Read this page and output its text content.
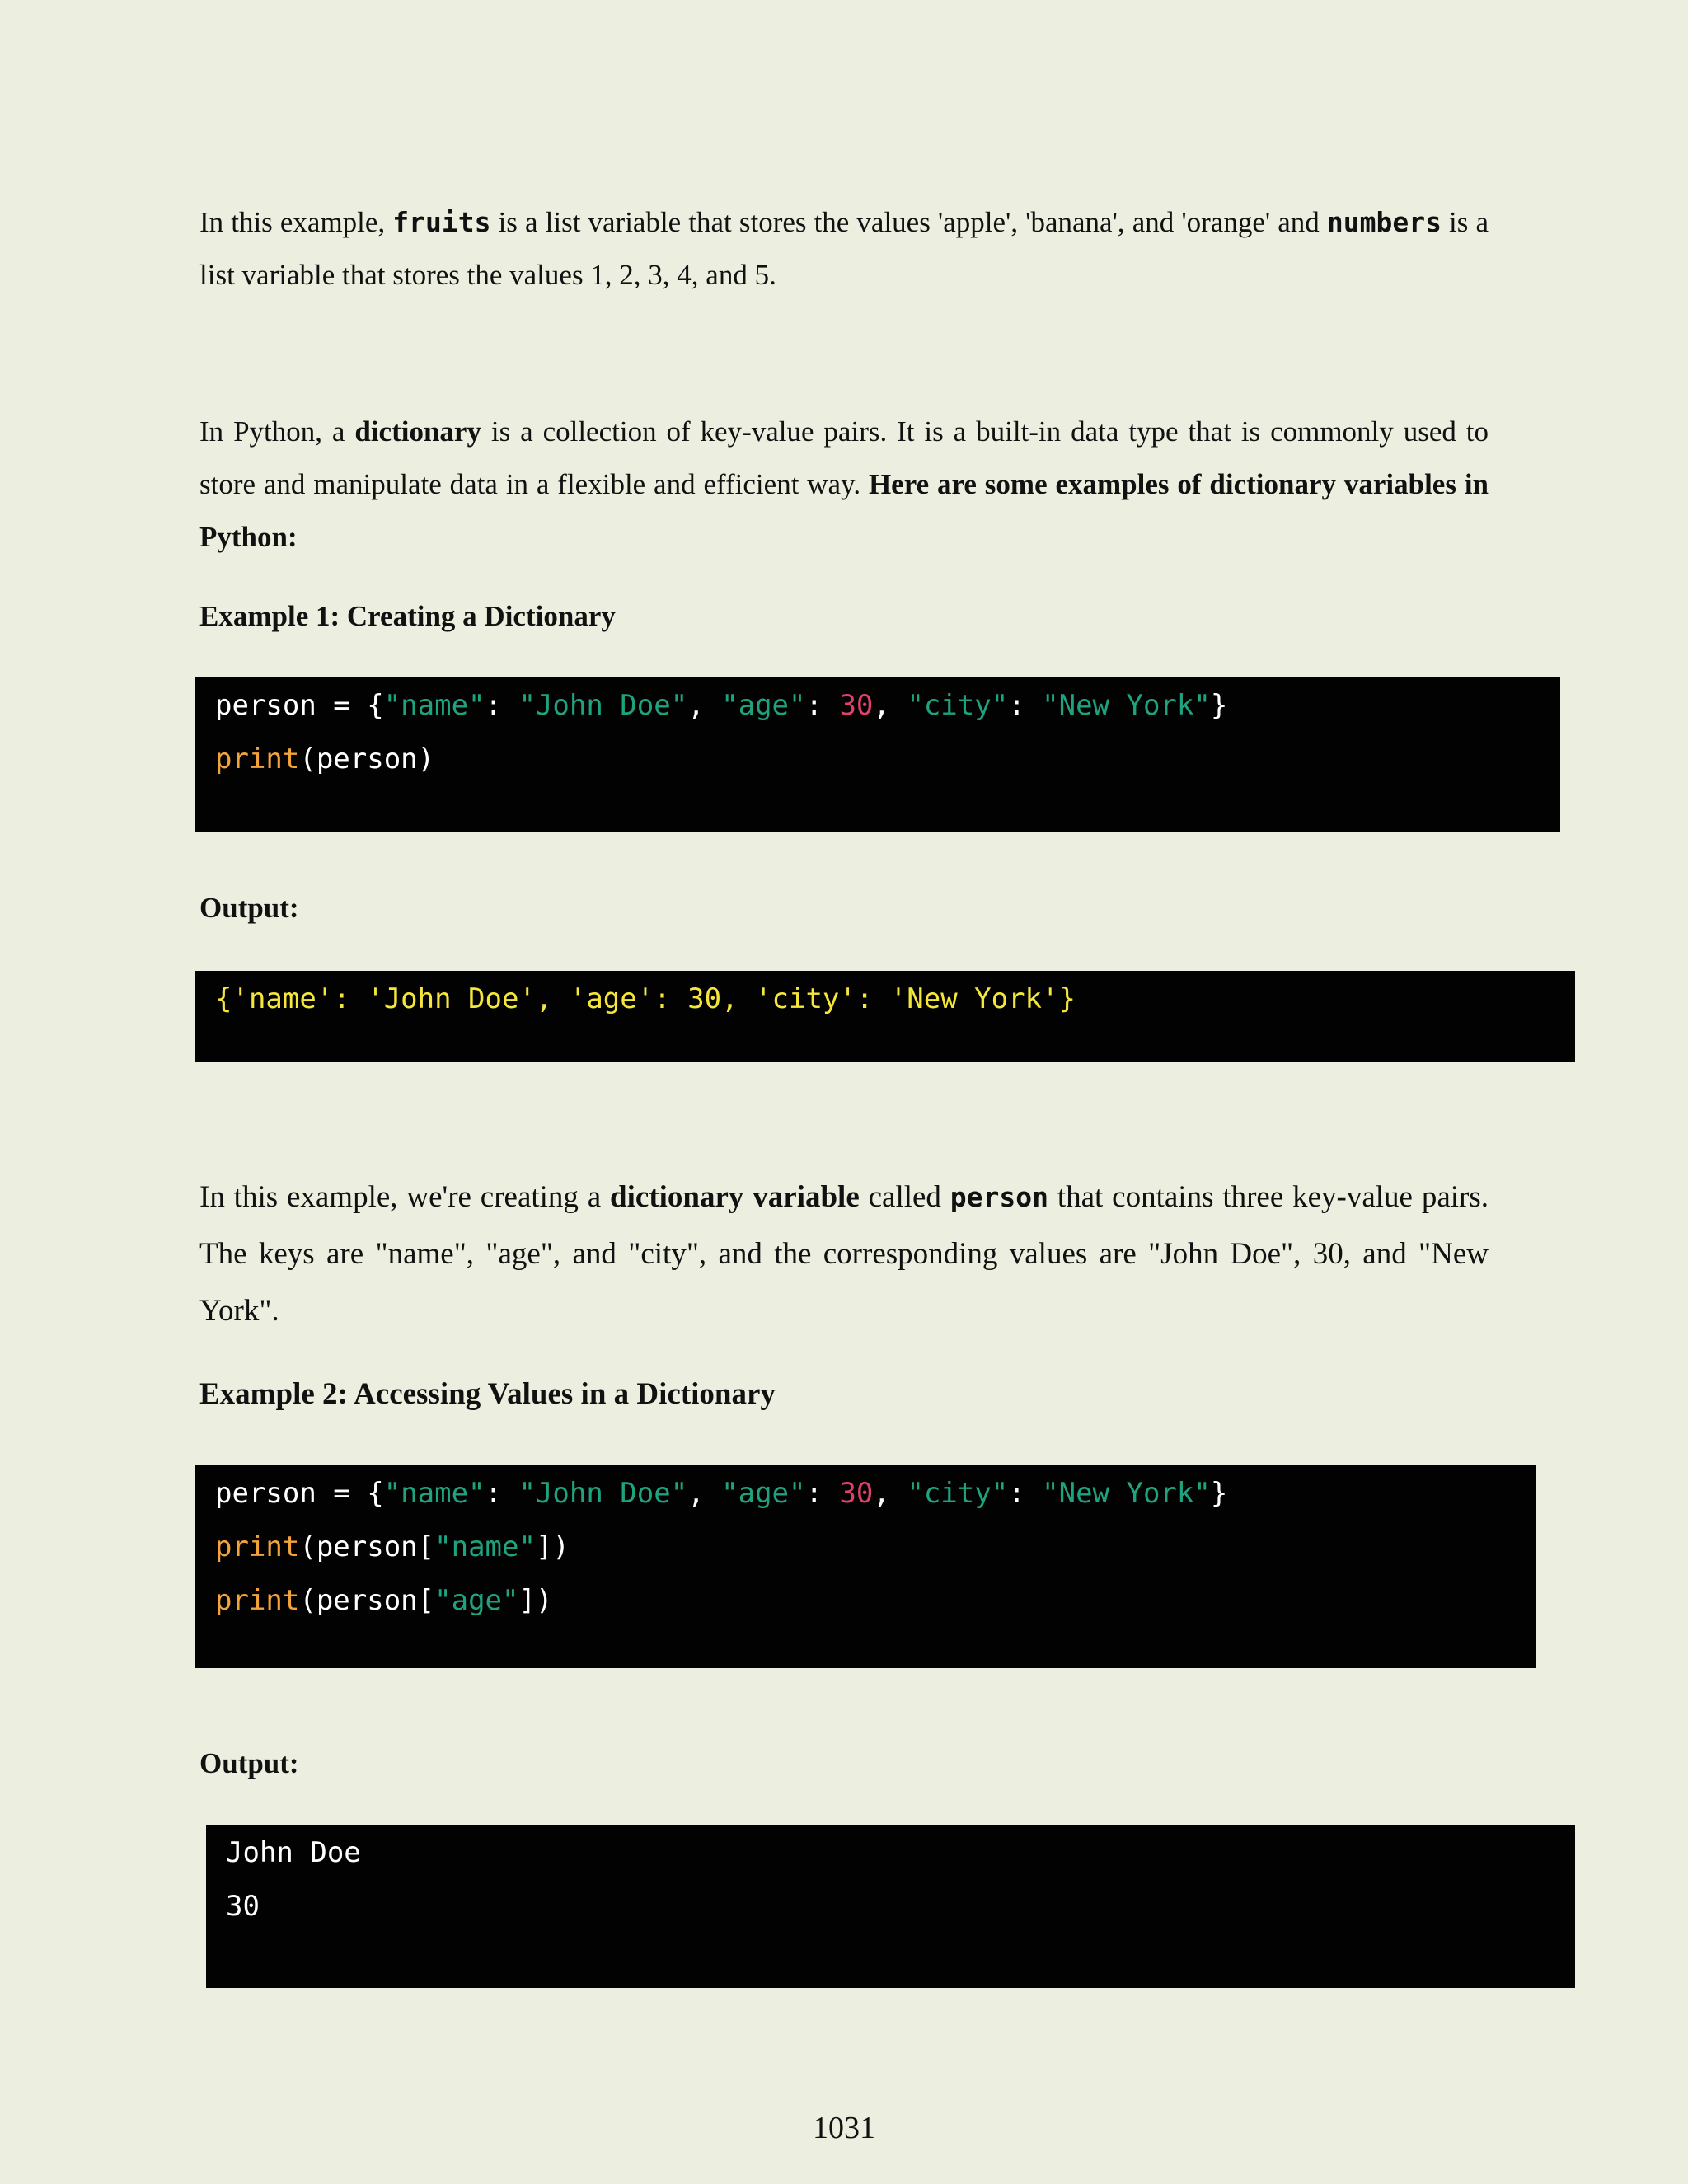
In this example, fruits is a list variable that stores the values 'apple', 'banana', and 'orange' and numbers is a list variable that stores the values 1, 2, 3, 4, and 5.

In Python, a dictionary is a collection of key-value pairs. It is a built-in data type that is commonly used to store and manipulate data in a flexible and efficient way. Here are some examples of dictionary variables in Python:

Example 1: Creating a Dictionary

person = {"name": "John Doe", "age": 30, "city": "New York"}
print(person)

Output:

{'name': 'John Doe', 'age': 30, 'city': 'New York'}

In this example, we're creating a dictionary variable called person that contains three key-value pairs. The keys are "name", "age", and "city", and the corresponding values are "John Doe", 30, and "New York".

Example 2: Accessing Values in a Dictionary

person = {"name": "John Doe", "age": 30, "city": "New York"}
print(person["name"])
print(person["age"])

Output:

John Doe
30

1031
